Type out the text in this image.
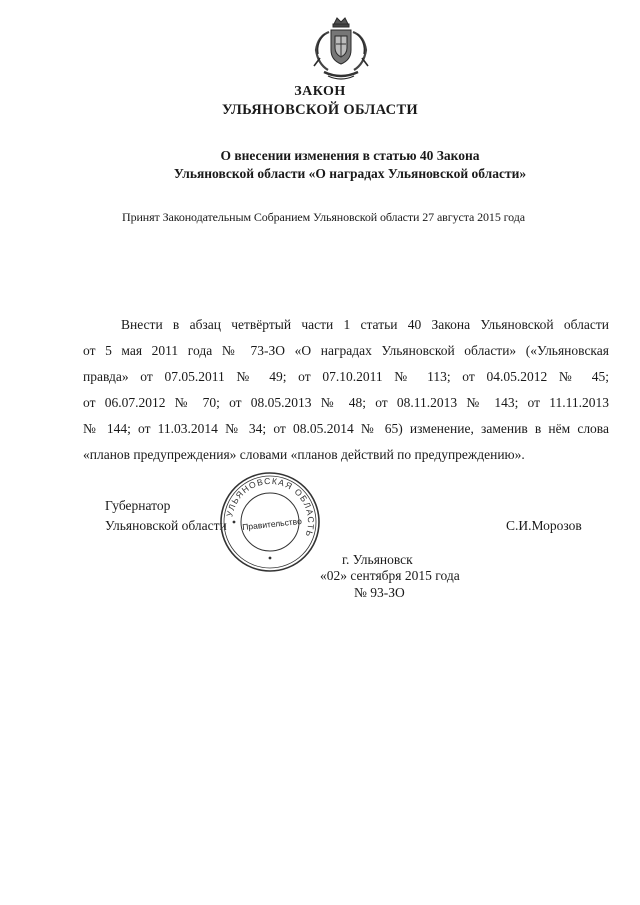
ЗАКОН
УЛЬЯНОВСКОЙ ОБЛАСТИ
О внесении изменения в статью 40 Закона
Ульяновской области «О наградах Ульяновской области»
Принят Законодательным Собранием Ульяновской области 27 августа 2015 года
Внести в абзац четвёртый части 1 статьи 40 Закона Ульяновской области
от 5 мая 2011 года № 73-ЗО «О наградах Ульяновской области» («Ульяновская
правда» от 07.05.2011 № 49; от 07.10.2011 № 113; от 04.05.2012 № 45;
от 06.07.2012 № 70; от 08.05.2013 № 48; от 08.11.2013 № 143; от 11.11.2013
№ 144; от 11.03.2014 № 34; от 08.05.2014 № 65) изменение, заменив в нём слова
«планов предупреждения» словами «планов действий по предупреждению».
Губернатор
Ульяновской области	С.И.Морозов
УЛЬЯНОВСКАЯ ОБЛАСТЬ
Правительство
г. Ульяновск
«02» сентября 2015 года
№ 93-ЗО
